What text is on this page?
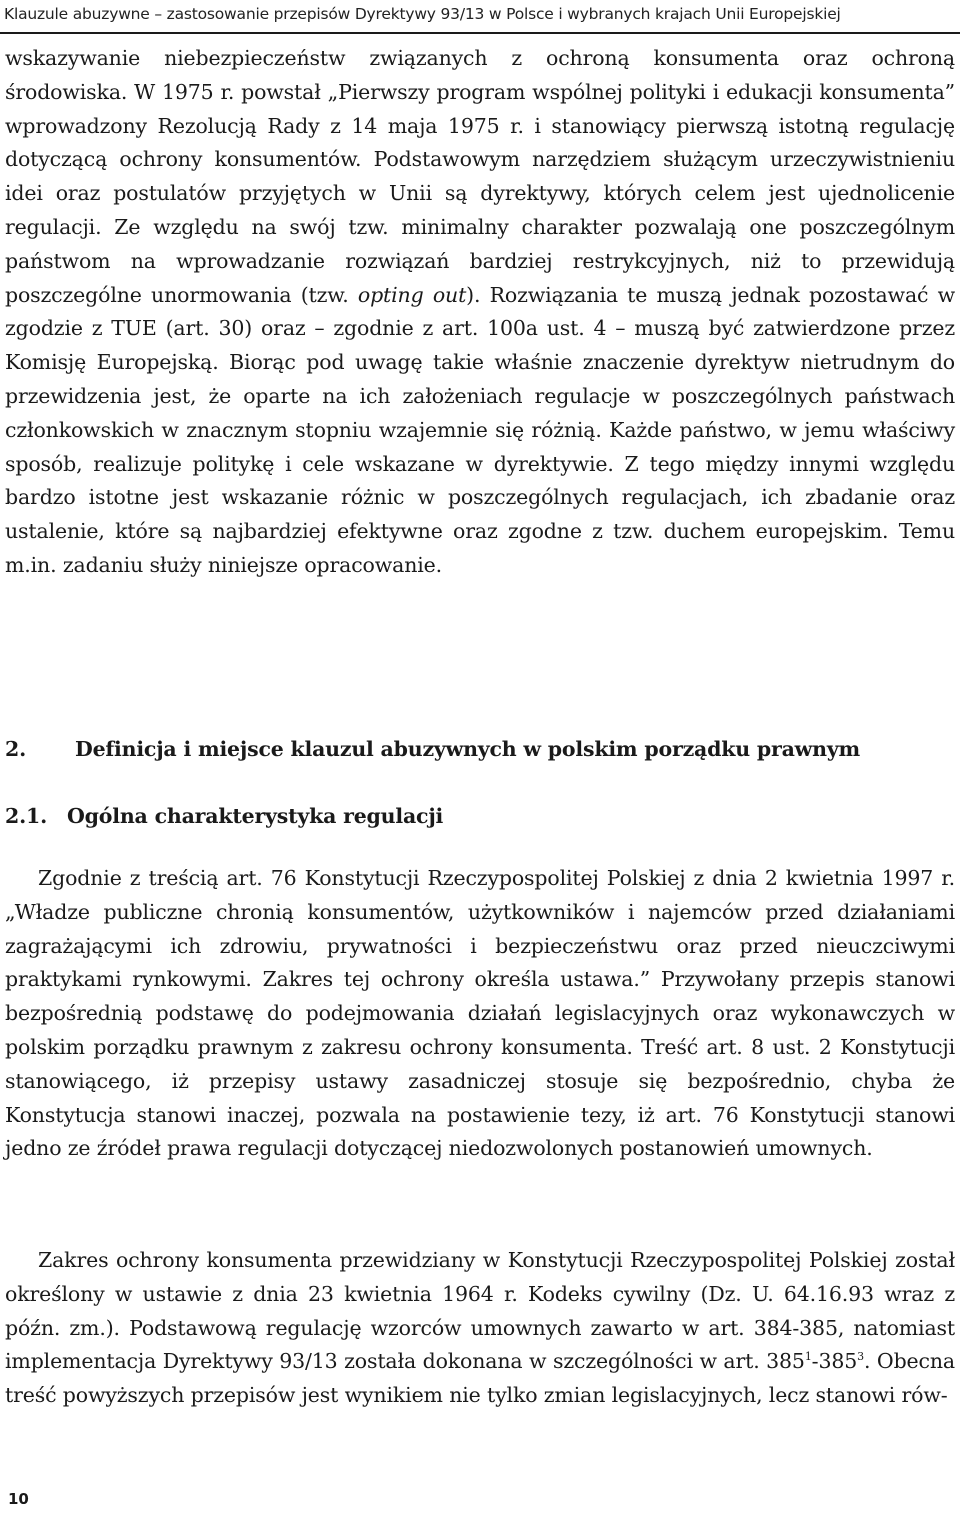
Klauzule abuzywne – zastosowanie przepisów Dyrektywy 93/13 w Polsce i wybranych krajach Unii Europejskiej

wskazywanie niebezpieczeństw związanych z ochroną konsumenta oraz ochroną środowiska. W 1975 r. powstał „Pierwszy program wspólnej polityki i edukacji konsumenta” wprowadzony Rezolucją Rady z 14 maja 1975 r. i stanowiący pierwszą istotną regulację dotyczącą ochrony konsumentów. Podstawowym narzędziem służącym urzeczywistnieniu idei oraz postulatów przyjętych w Unii są dyrektywy, których celem jest ujednolicenie regulacji. Ze względu na swój tzw. minimalny charakter pozwalają one poszczególnym państwom na wprowadzanie rozwiązań bardziej restrykcyjnych, niż to przewidują poszczególne unormowania (tzw. opting out). Rozwiązania te muszą jednak pozostawać w zgodzie z TUE (art. 30) oraz – zgodnie z art. 100a ust. 4 – muszą być zatwierdzone przez Komisję Europejską. Biorąc pod uwagę takie właśnie znaczenie dyrektyw nietrudnym do przewidzenia jest, że oparte na ich założeniach regulacje w poszczególnych państwach członkowskich w znacznym stopniu wzajemnie się różnią. Każde państwo, w jemu właściwy sposób, realizuje politykę i cele wskazane w dyrektywie. Z tego między innymi względu bardzo istotne jest wskazanie różnic w poszczególnych regulacjach, ich zbadanie oraz ustalenie, które są najbardziej efektywne oraz zgodne z tzw. duchem europejskim. Temu m.in. zadaniu służy niniejsze opracowanie.

2. Definicja i miejsce klauzul abuzywnych w polskim porządku prawnym
2.1. Ogólna charakterystyka regulacji

Zgodnie z treścią art. 76 Konstytucji Rzeczypospolitej Polskiej z dnia 2 kwietnia 1997 r. „Władze publiczne chronią konsumentów, użytkowników i najemców przed działaniami zagrażającymi ich zdrowiu, prywatności i bezpieczeństwu oraz przed nieuczciwymi praktykami rynkowymi. Zakres tej ochrony określa ustawa.” Przywołany przepis stanowi bezpośrednią podstawę do podejmowania działań legislacyjnych oraz wykonawczych w polskim porządku prawnym z zakresu ochrony konsumenta. Treść art. 8 ust. 2 Konstytucji stanowiącego, iż przepisy ustawy zasadniczej stosuje się bezpośrednio, chyba że Konstytucja stanowi inaczej, pozwala na postawienie tezy, iż art. 76 Konstytucji stanowi jedno ze źródeł prawa regulacji dotyczącej niedozwolonych postanowień umownych.

Zakres ochrony konsumenta przewidziany w Konstytucji Rzeczypospolitej Polskiej został określony w ustawie z dnia 23 kwietnia 1964 r. Kodeks cywilny (Dz. U. 64.16.93 wraz z późn. zm.). Podstawową regulację wzorców umownych zawarto w art. 384-385, natomiast implementacja Dyrektywy 93/13 została dokonana w szczególności w art. $385^1-385^3$. Obecna treść powyższych przepisów jest wynikiem nie tylko zmian legislacyjnych, lecz stanowi rów-

10
